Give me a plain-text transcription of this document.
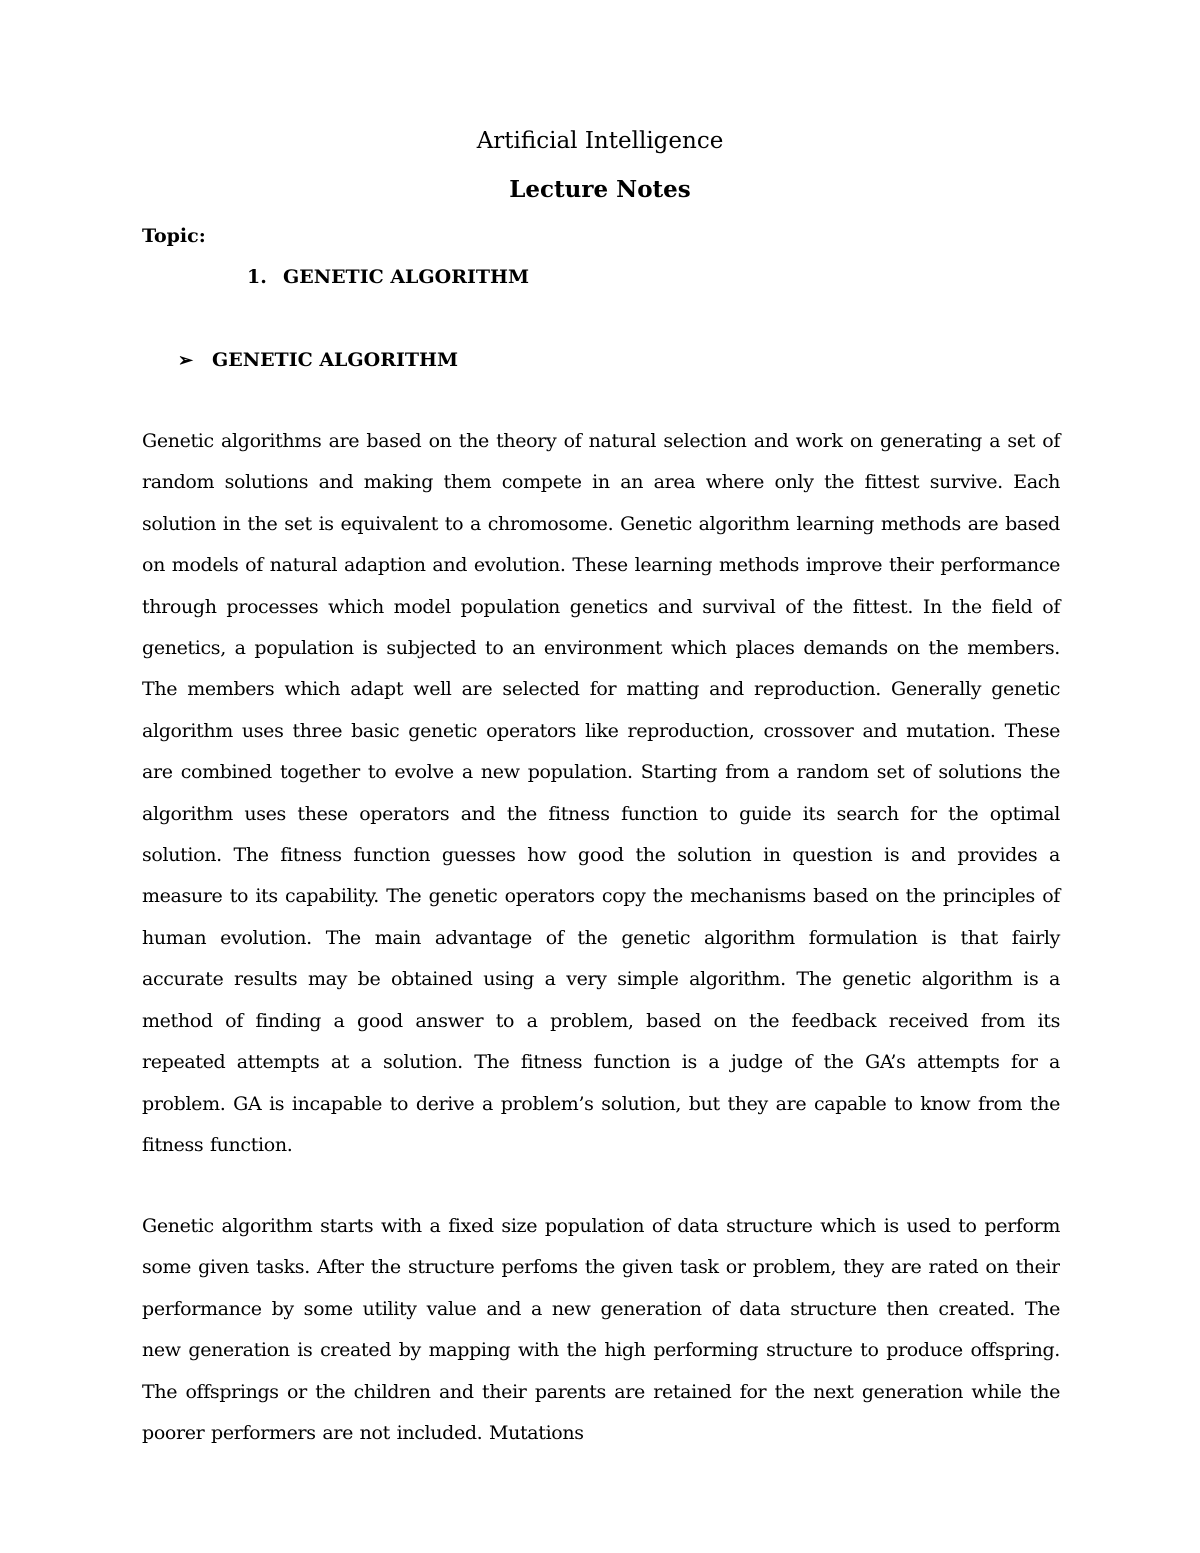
Artificial Intelligence
Lecture Notes
Topic:
1. GENETIC ALGORITHM
➢ GENETIC ALGORITHM

Genetic algorithms are based on the theory of natural selection and work on generating a set of random solutions and making them compete in an area where only the fittest survive. Each solution in the set is equivalent to a chromosome. Genetic algorithm learning methods are based on models of natural adaption and evolution. These learning methods improve their performance through processes which model population genetics and survival of the fittest. In the field of genetics, a population is subjected to an environment which places demands on the members. The members which adapt well are selected for matting and reproduction. Generally genetic algorithm uses three basic genetic operators like reproduction, crossover and mutation. These are combined together to evolve a new population. Starting from a random set of solutions the algorithm uses these operators and the fitness function to guide its search for the optimal solution. The fitness function guesses how good the solution in question is and provides a measure to its capability. The genetic operators copy the mechanisms based on the principles of human evolution. The main advantage of the genetic algorithm formulation is that fairly accurate results may be obtained using a very simple algorithm. The genetic algorithm is a method of finding a good answer to a problem, based on the feedback received from its repeated attempts at a solution. The fitness function is a judge of the GA’s attempts for a problem. GA is incapable to derive a problem’s solution, but they are capable to know from the fitness function.

Genetic algorithm starts with a fixed size population of data structure which is used to perform some given tasks. After the structure perfoms the given task or problem, they are rated on their performance by some utility value and a new generation of data structure then created. The new generation is created by mapping with the high performing structure to produce offspring. The offsprings or the children and their parents are retained for the next generation while the poorer performers are not included. Mutations
